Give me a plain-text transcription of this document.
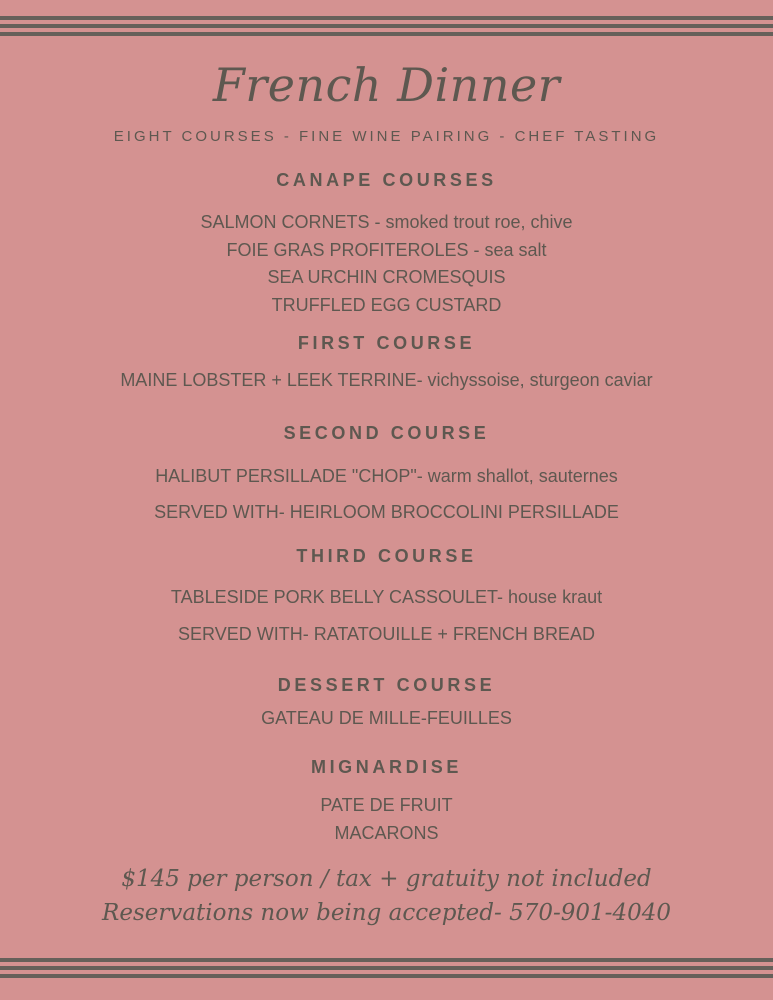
French Dinner
EIGHT COURSES - FINE WINE PAIRING - CHEF TASTING

CANAPE COURSES

SALMON CORNETS - smoked trout roe, chive

FOIE GRAS PROFITEROLES - sea salt

SEA URCHIN CROMESQUIS

TRUFFLED EGG CUSTARD

FIRST COURSE

MAINE LOBSTER + LEEK TERRINE- vichyssoise, sturgeon caviar

SECOND COURSE

HALIBUT PERSILLADE "CHOP"- warm shallot, sauternes

SERVED WITH- HEIRLOOM BROCCOLINI PERSILLADE

THIRD COURSE

TABLESIDE PORK BELLY CASSOULET- house kraut

SERVED WITH- RATATOUILLE + FRENCH BREAD

DESSERT COURSE

GATEAU DE MILLE-FEUILLES

MIGNARDISE

PATE DE FRUIT

MACARONS

$145 per person / tax + gratuity not included
Reservations now being accepted- 570-901-4040
